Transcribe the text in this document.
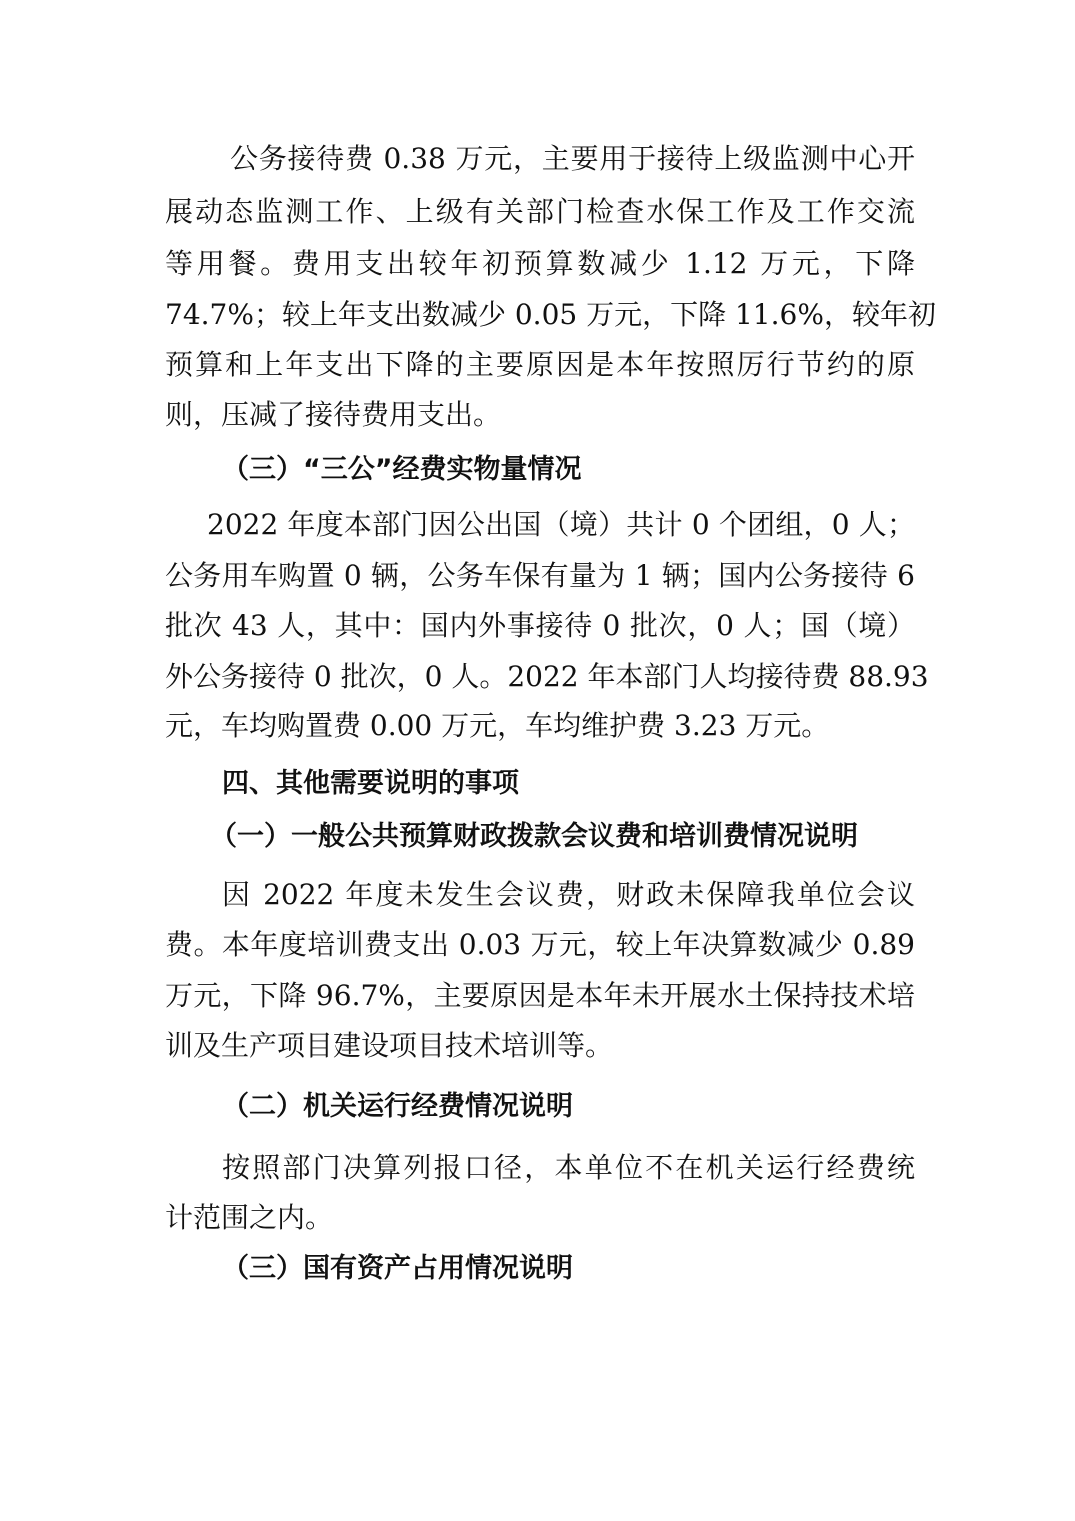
公务接待费 0.38 万元，主要用于接待上级监测中心开
展动态监测工作、上级有关部门检查水保工作及工作交流
等用餐。费用支出较年初预算数减少 1.12 万元，下降
74.7%；较上年支出数减少 0.05 万元，下降 11.6%，较年初
预算和上年支出下降的主要原因是本年按照厉行节约的原
则，压减了接待费用支出。
（三）“三公”经费实物量情况
2022 年度本部门因公出国（境）共计 0 个团组，0 人；
公务用车购置 0 辆，公务车保有量为 1 辆；国内公务接待 6
批次 43 人，其中：国内外事接待 0 批次，0 人；国（境）
外公务接待 0 批次，0 人。2022 年本部门人均接待费 88.93
元，车均购置费 0.00 万元，车均维护费 3.23 万元。
四、其他需要说明的事项
（一）一般公共预算财政拨款会议费和培训费情况说明
因 2022 年度未发生会议费，财政未保障我单位会议
费。本年度培训费支出 0.03 万元，较上年决算数减少 0.89
万元，下降 96.7%，主要原因是本年未开展水土保持技术培
训及生产项目建设项目技术培训等。
（二）机关运行经费情况说明
按照部门决算列报口径，本单位不在机关运行经费统
计范围之内。
（三）国有资产占用情况说明
